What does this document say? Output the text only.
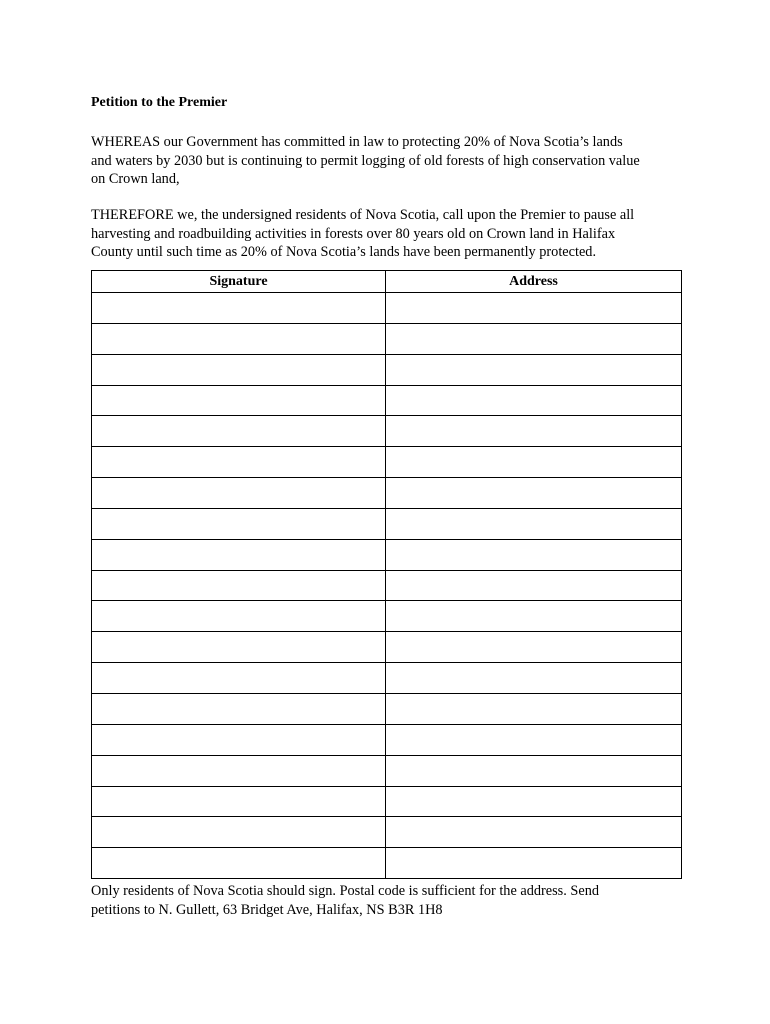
Petition to the Premier
WHEREAS our Government has committed in law to protecting 20% of Nova Scotia’s lands
and waters by 2030 but is continuing to permit logging of old forests of high conservation value
on Crown land,
THEREFORE we, the undersigned residents of Nova Scotia, call upon the Premier to pause all
harvesting and roadbuilding activities in forests over 80 years old on Crown land in Halifax
County until such time as 20% of Nova Scotia’s lands have been permanently protected.
Signature	Address

Only residents of Nova Scotia should sign. Postal code is sufficient for the address. Send
petitions to N. Gullett, 63 Bridget Ave, Halifax, NS B3R 1H8
